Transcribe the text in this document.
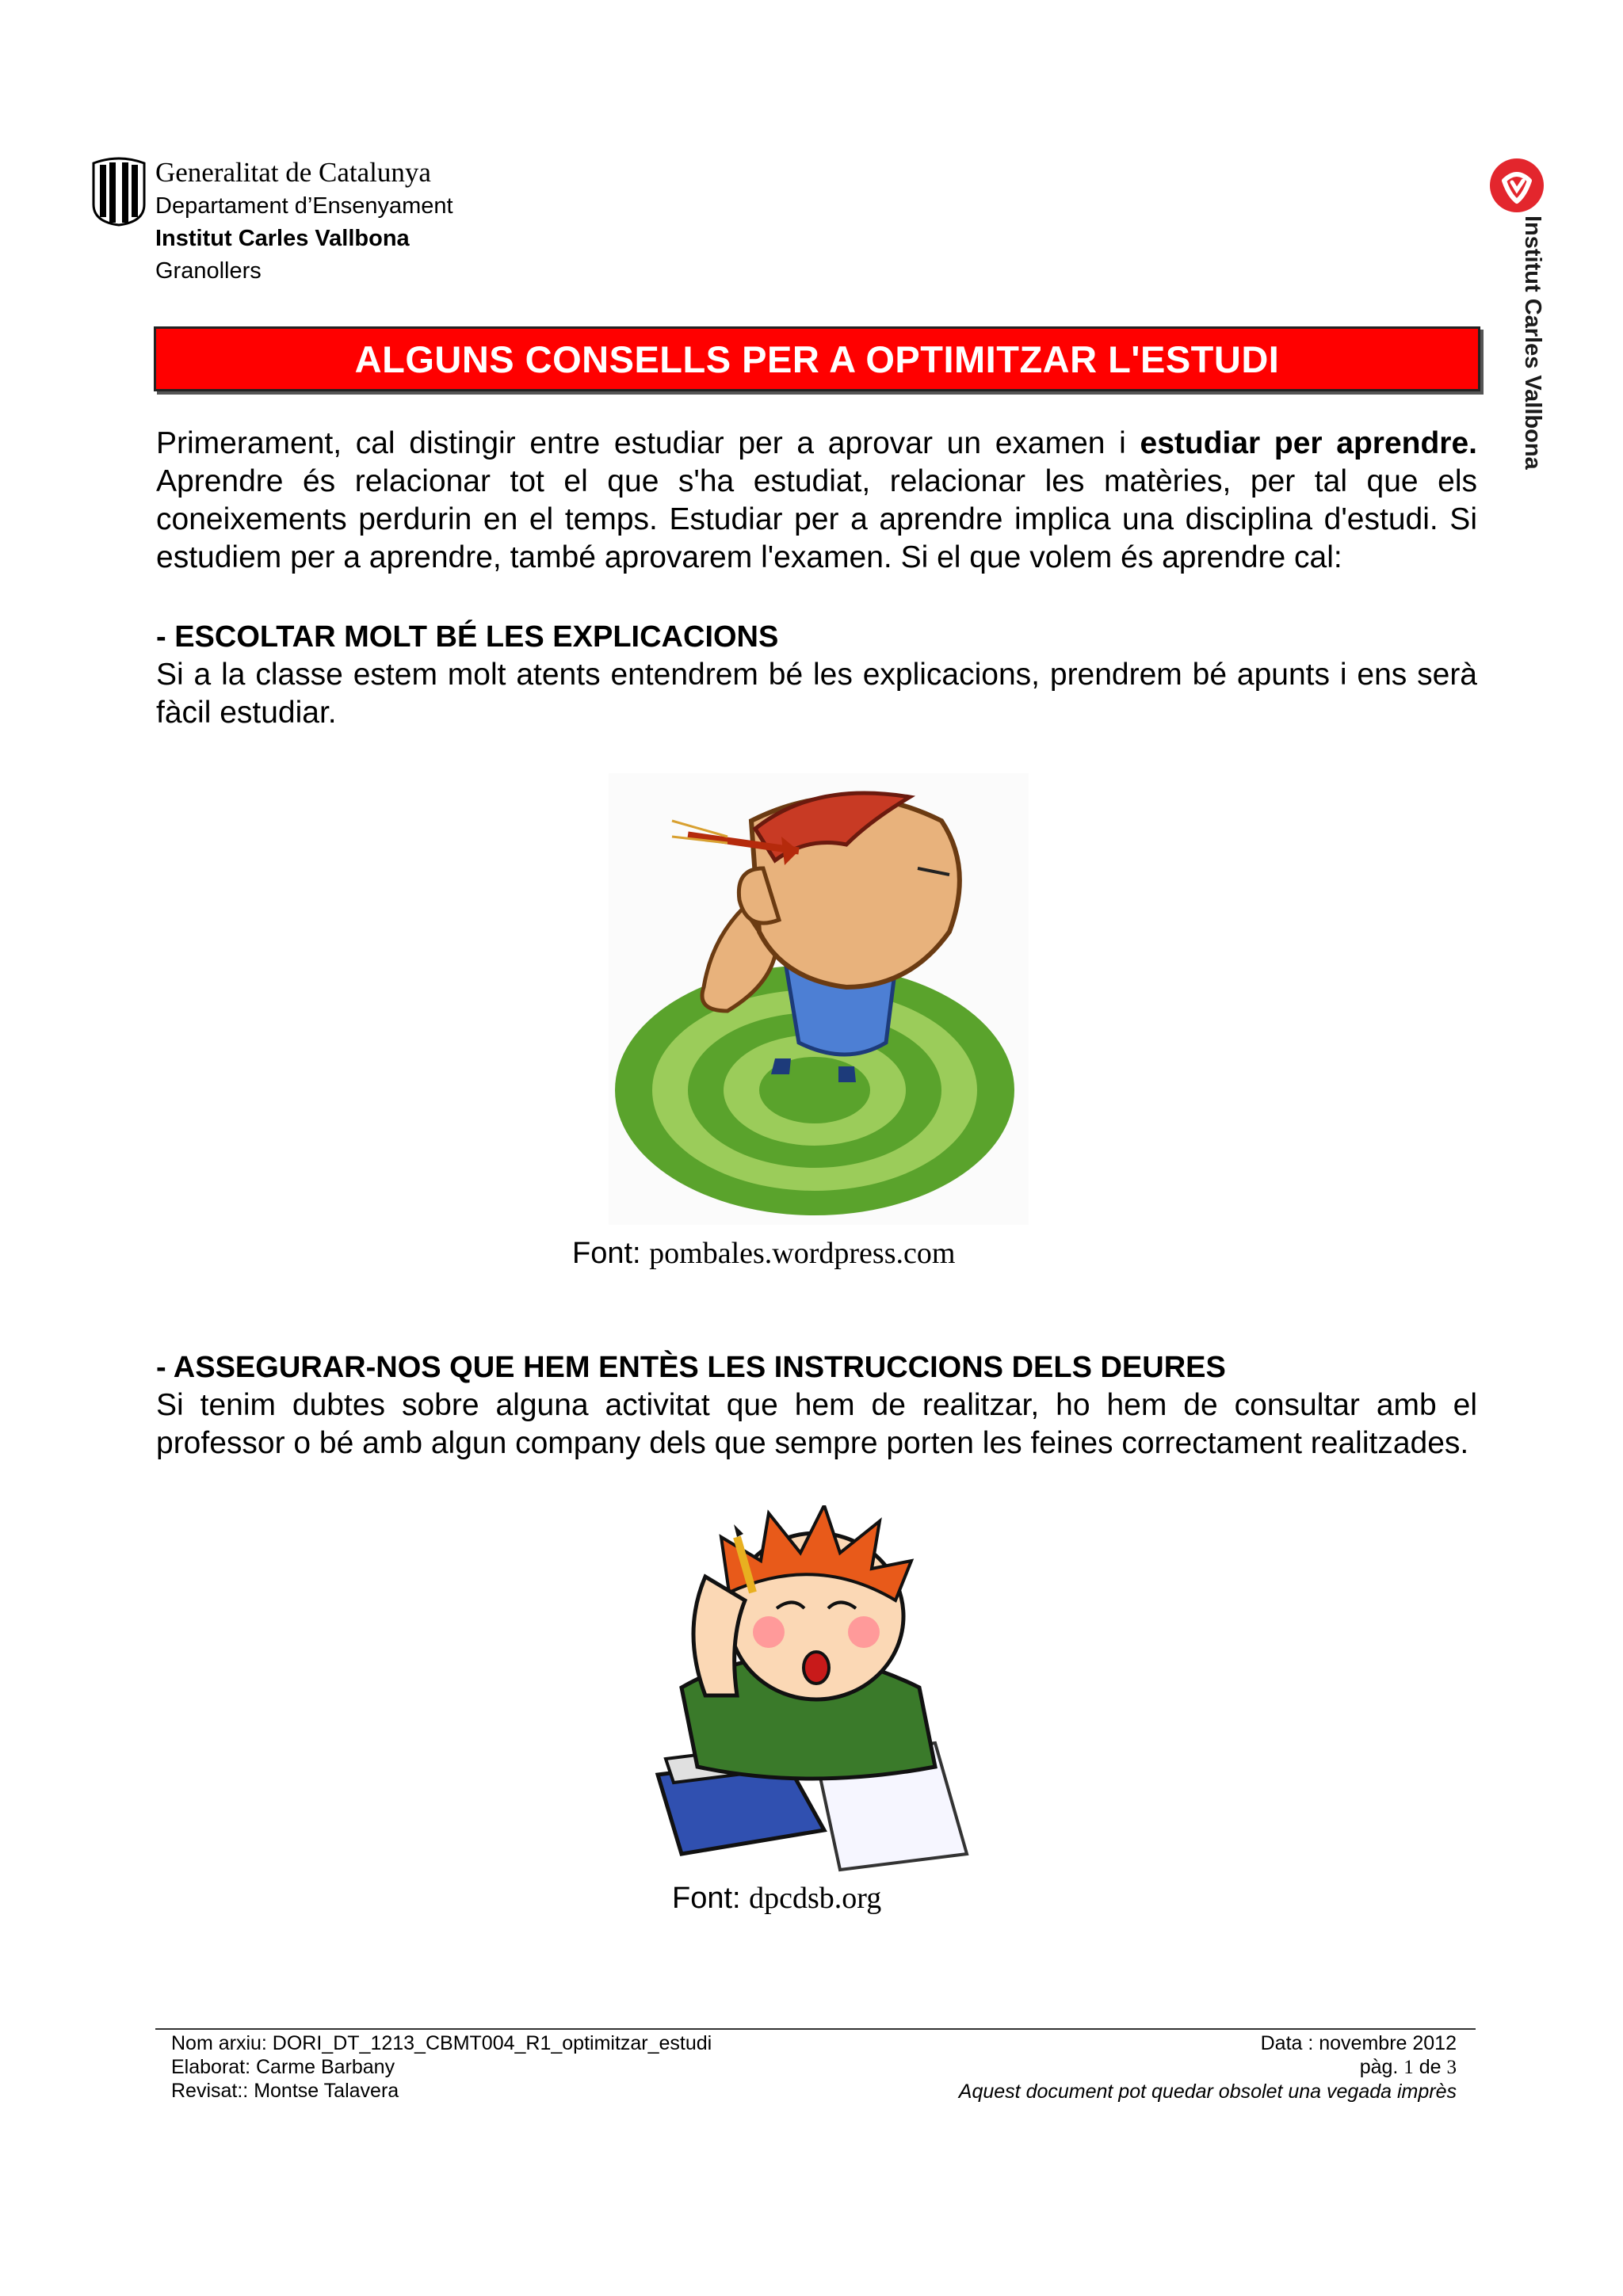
Generalitat de Catalunya
Departament d’Ensenyament
Institut Carles Vallbona
Granollers	Institut Carles Vallbona
ALGUNS CONSELLS PER A OPTIMITZAR L'ESTUDI
Primerament, cal distingir entre estudiar per a aprovar un examen i estudiar per aprendre. Aprendre és relacionar tot el que s'ha estudiat, relacionar les matèries, per tal que els coneixements perdurin en el temps. Estudiar per a aprendre implica una disciplina d'estudi. Si estudiem per a aprendre, també aprovarem l'examen. Si el que volem és aprendre cal:
- ESCOLTAR MOLT BÉ LES EXPLICACIONS
Si a la classe estem molt atents entendrem bé les explicacions, prendrem bé apunts i ens serà fàcil estudiar.
Font: pombales.wordpress.com
- ASSEGURAR-NOS QUE HEM ENTÈS LES INSTRUCCIONS DELS DEURES
Si tenim dubtes sobre alguna activitat que hem de realitzar, ho hem de consultar amb el professor o bé amb algun company dels que sempre porten les feines correctament realitzades.
Font: dpcdsb.org
Nom arxiu: DORI_DT_1213_CBMT004_R1_optimitzar_estudi
Elaborat: Carme Barbany
Revisat:: Montse Talavera
Data : novembre 2012
pàg. 1 de 3
Aquest document pot quedar obsolet una vegada imprès
